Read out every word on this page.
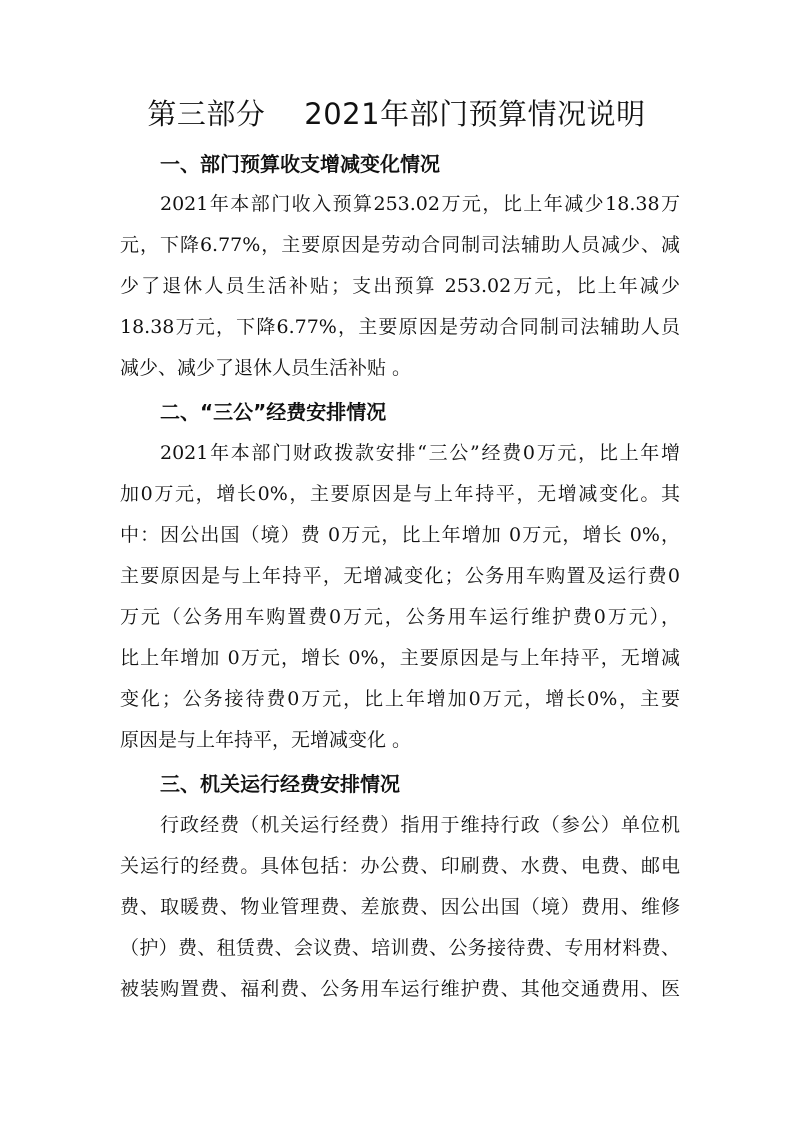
第三部分    2021年部门预算情况说明
一、部门预算收支增减变化情况
2021年本部门收入预算253.02万元，比上年减少18.38万
元，下降6.77%，主要原因是劳动合同制司法辅助人员减少、减
少了退休人员生活补贴；支出预算 253.02万元，比上年减少
18.38万元，下降6.77%，主要原因是劳动合同制司法辅助人员
减少、减少了退休人员生活补贴 。
二、“三公”经费安排情况
2021年本部门财政拨款安排“三公”经费0万元，比上年增
加0万元，增长0%，主要原因是与上年持平，无增减变化。其
中：因公出国（境）费 0万元，比上年增加 0万元，增长 0%，
主要原因是与上年持平，无增减变化；公务用车购置及运行费0
万元（公务用车购置费0万元，公务用车运行维护费0万元），
比上年增加 0万元，增长 0%，主要原因是与上年持平，无增减
变化；公务接待费0万元，比上年增加0万元，增长0%，主要
原因是与上年持平，无增减变化 。
三、机关运行经费安排情况
行政经费（机关运行经费）指用于维持行政（参公）单位机
关运行的经费。具体包括：办公费、印刷费、水费、电费、邮电
费、取暖费、物业管理费、差旅费、因公出国（境）费用、维修
（护）费、租赁费、会议费、培训费、公务接待费、专用材料费、
被装购置费、福利费、公务用车运行维护费、其他交通费用、医
